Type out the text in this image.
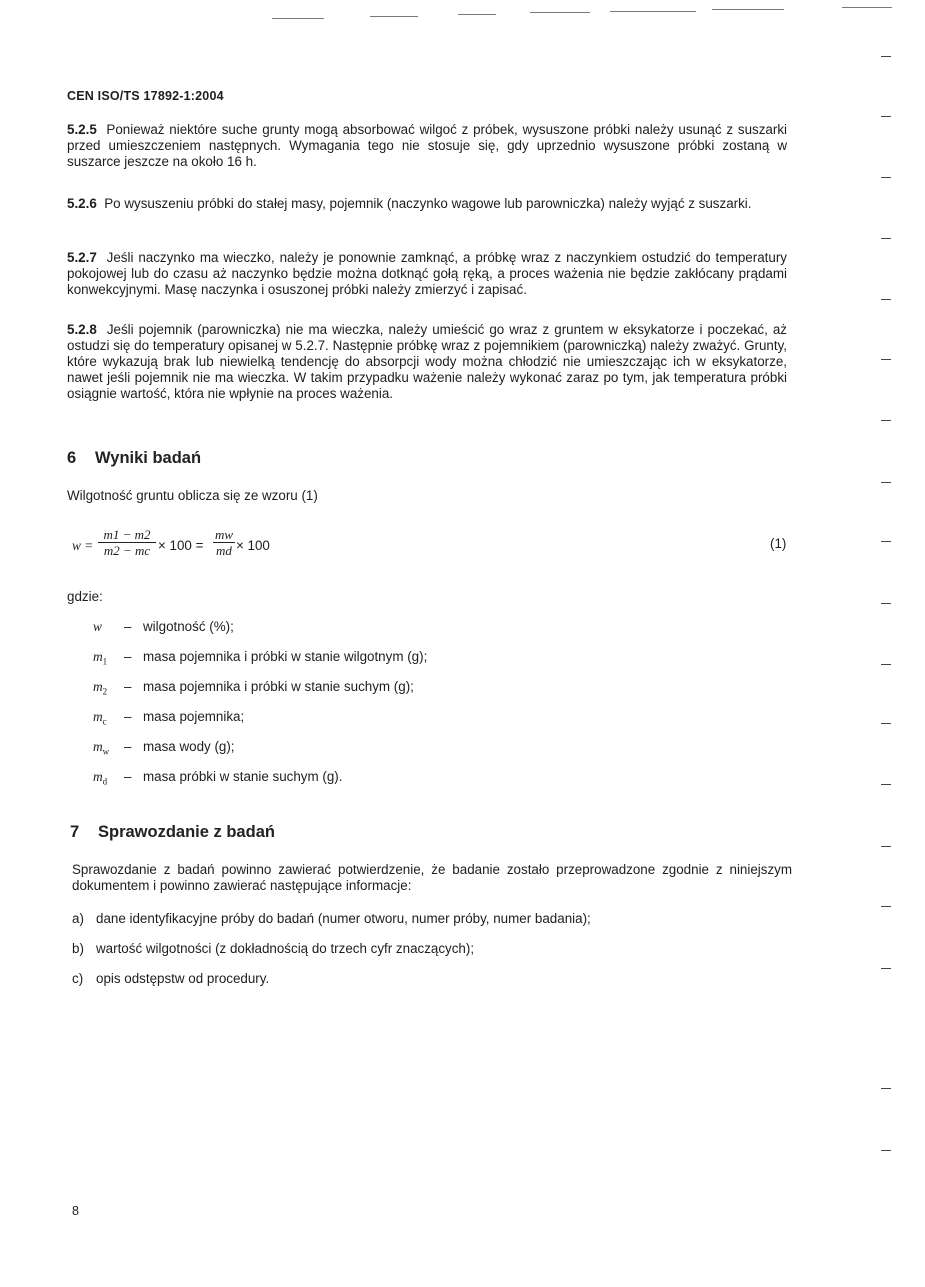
CEN ISO/TS 17892-1:2004
5.2.5 Ponieważ niektóre suche grunty mogą absorbować wilgoć z próbek, wysuszone próbki należy usunąć z suszarki przed umieszczeniem następnych. Wymagania tego nie stosuje się, gdy uprzednio wysuszone próbki zostaną w suszarce jeszcze na około 16 h.
5.2.6 Po wysuszeniu próbki do stałej masy, pojemnik (naczynko wagowe lub parowniczka) należy wyjąć z suszarki.
5.2.7 Jeśli naczynko ma wieczko, należy je ponownie zamknąć, a próbkę wraz z naczynkiem ostudzić do temperatury pokojowej lub do czasu aż naczynko będzie można dotknąć gołą ręką, a proces ważenia nie będzie zakłócany prądami konwekcyjnymi. Masę naczynka i osuszonej próbki należy zmierzyć i zapisać.
5.2.8 Jeśli pojemnik (parowniczka) nie ma wieczka, należy umieścić go wraz z gruntem w eksykatorze i poczekać, aż ostudzi się do temperatury opisanej w 5.2.7. Następnie próbkę wraz z pojemnikiem (parowniczką) należy zważyć. Grunty, które wykazują brak lub niewielką tendencję do absorpcji wody można chłodzić nie umieszczając ich w eksykatorze, nawet jeśli pojemnik nie ma wieczka. W takim przypadku ważenie należy wykonać zaraz po tym, jak temperatura próbki osiągnie wartość, która nie wpłynie na proces ważenia.
6 Wyniki badań
Wilgotność gruntu oblicza się ze wzoru (1)
$w = \frac{m1 - m2}{m2 - mc} \times 100 = \frac{mw}{md} \times 100$	(1)
gdzie:
w – wilgotność (%);
$m_1$ – masa pojemnika i próbki w stanie wilgotnym (g);
$m_2$ – masa pojemnika i próbki w stanie suchym (g);
$m_c$ – masa pojemnika;
$m_w$ – masa wody (g);
$m_d$ – masa próbki w stanie suchym (g).
7 Sprawozdanie z badań
Sprawozdanie z badań powinno zawierać potwierdzenie, że badanie zostało przeprowadzone zgodnie z niniejszym dokumentem i powinno zawierać następujące informacje:
a) dane identyfikacyjne próby do badań (numer otworu, numer próby, numer badania);
b) wartość wilgotności (z dokładnością do trzech cyfr znaczących);
c) opis odstępstw od procedury.
8
